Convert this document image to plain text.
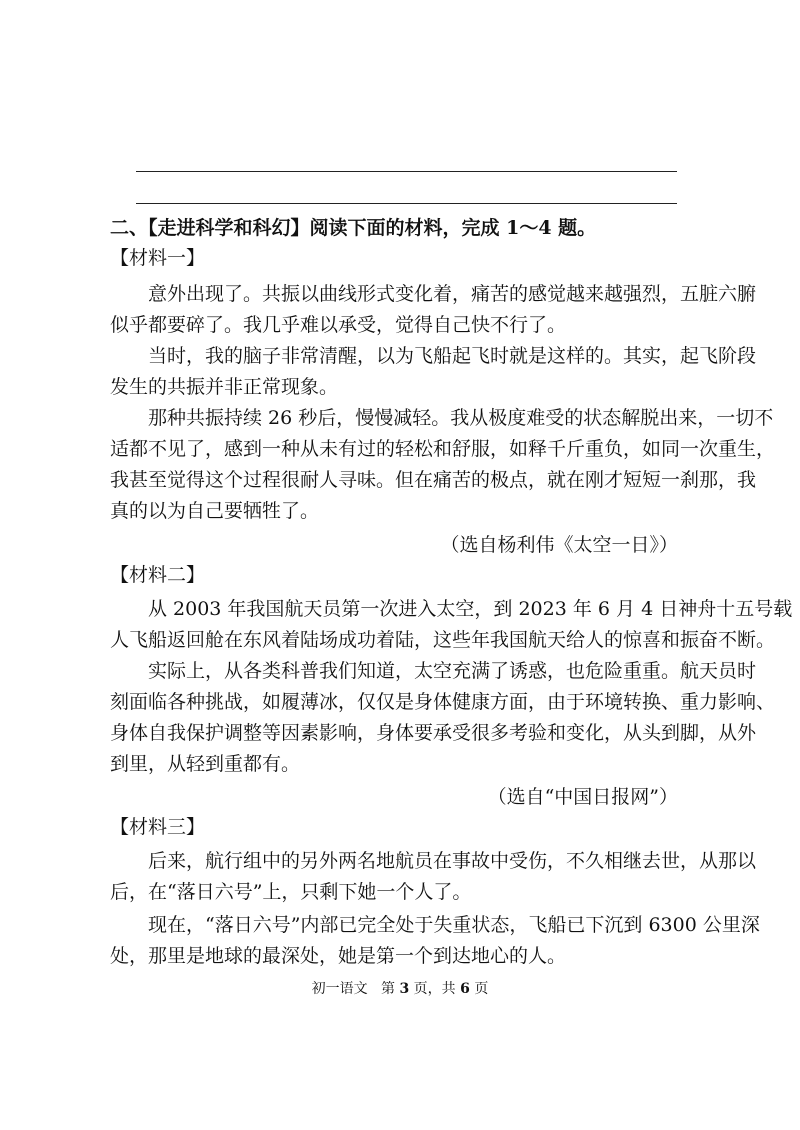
二、【走进科学和科幻】阅读下面的材料，完成 1～4 题。
【材料一】
意外出现了。共振以曲线形式变化着，痛苦的感觉越来越强烈，五脏六腑
似乎都要碎了。我几乎难以承受，觉得自己快不行了。
当时，我的脑子非常清醒，以为飞船起飞时就是这样的。其实，起飞阶段
发生的共振并非正常现象。
那种共振持续 26 秒后，慢慢减轻。我从极度难受的状态解脱出来，一切不
适都不见了，感到一种从未有过的轻松和舒服，如释千斤重负，如同一次重生，
我甚至觉得这个过程很耐人寻味。但在痛苦的极点，就在刚才短短一刹那，我
真的以为自己要牺牲了。
（选自杨利伟《太空一日》）
【材料二】
从 2003 年我国航天员第一次进入太空，到 2023 年 6 月 4 日神舟十五号载
人飞船返回舱在东风着陆场成功着陆，这些年我国航天给人的惊喜和振奋不断。
实际上，从各类科普我们知道，太空充满了诱惑，也危险重重。航天员时
刻面临各种挑战，如履薄冰，仅仅是身体健康方面，由于环境转换、重力影响、
身体自我保护调整等因素影响，身体要承受很多考验和变化，从头到脚，从外
到里，从轻到重都有。
（选自“中国日报网”）
【材料三】
后来，航行组中的另外两名地航员在事故中受伤，不久相继去世，从那以
后，在“落日六号”上，只剩下她一个人了。
现在，“落日六号”内部已完全处于失重状态，飞船已下沉到 6300 公里深
处，那里是地球的最深处，她是第一个到达地心的人。
初一语文 第 3 页，共 6 页
